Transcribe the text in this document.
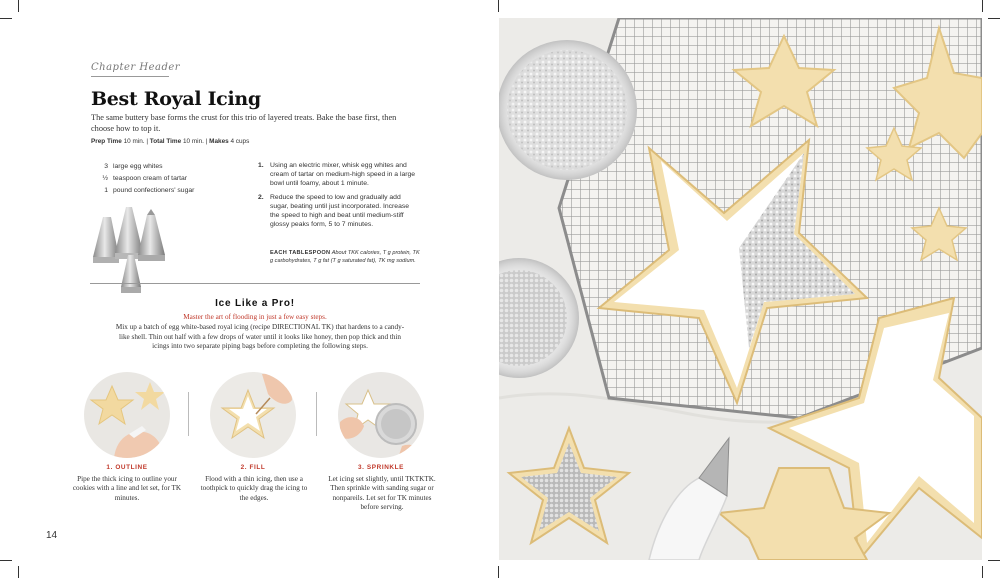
Chapter Header
Best Royal Icing
The same buttery base forms the crust for this trio of layered treats. Bake the base first, then choose how to top it.
Prep Time 10 min. | Total Time 10 min. | Makes 4 cups
3 large egg whites
½ teaspoon cream of tartar
1 pound confectioners' sugar
1. Using an electric mixer, whisk egg whites and cream of tartar on medium-high speed in a large bowl until foamy, about 1 minute.
2. Reduce the speed to low and gradually add sugar, beating until just incorporated. Increase the speed to high and beat until medium-stiff glossy peaks form, 5 to 7 minutes.
EACH TABLESPOON About TKK calories, T g protein, TK g carbohydrates, T g fat (T g saturated fat), TK mg sodium.
Ice Like a Pro!
Master the art of flooding in just a few easy steps.
Mix up a batch of egg white-based royal icing (recipe DIRECTIONAL TK) that hardens to a candy-like shell. Thin out half with a few drops of water until it looks like honey, then pop thick and thin icings into two separate piping bags before completing the following steps.
1. OUTLINE
Pipe the thick icing to outline your cookies with a line and let set, for TK minutes.
2. FILL
Flood with a thin icing, then use a toothpick to quickly drag the icing to the edges.
3. SPRINKLE
Let icing set slightly, until TKTKTK. Then sprinkle with sanding sugar or nonpareils. Let set for TK minutes before serving.
14
